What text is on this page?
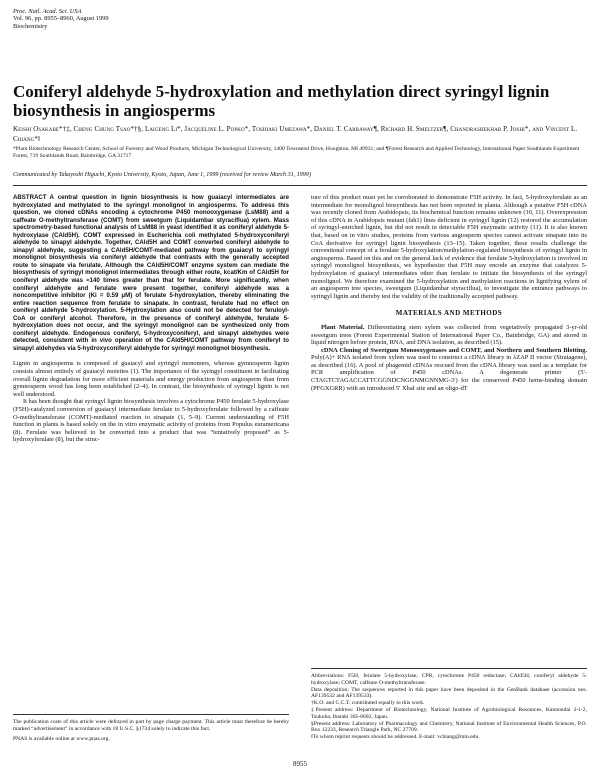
Proc. Natl. Acad. Sci. USA
Vol. 96, pp. 8955–8960, August 1999
Biochemistry
Coniferyl aldehyde 5-hydroxylation and methylation direct syringyl lignin biosynthesis in angiosperms
Keishi Osakabe*†‡, Cheng Chung Tsao*†§, Laigeng Li*, Jacqueline L. Popko*, Toshiaki Umezawa*, Daniel T. Carraway¶, Richard H. Smeltzer¶, Chandrashekhar P. Joshi*, and Vincent L. Chiang*‖
*Plant Biotechnology Research Center, School of Forestry and Wood Products, Michigan Technological University, 1400 Townsend Drive, Houghton, MI 49931; and ¶Forest Research and Applied Technology, International Paper Southlands Experiment Forest, 719 Southlands Road, Bainbridge, GA 31717
Communicated by Takayoshi Higuchi, Kyoto University, Kyoto, Japan, June 1, 1999 (received for review March 31, 1999)
ABSTRACT A central question in lignin biosynthesis is how guaiacyl intermediates are hydroxylated and methylated to the syringyl monolignol in angiosperms. To address this question, we cloned cDNAs encoding a cytochrome P450 monooxygenase (LsM88) and a caffeate O-methyltransferase (COMT) from sweetgum (Liquidambar styraciflua) xylem. Mass spectrometry-based functional analysis of LsM88 in yeast identified it as coniferyl aldehyde 5-hydroxylase (CAld5H). COMT expressed in Escherichia coli methylated 5-hydroxyconiferyl aldehyde to sinapyl aldehyde. Together, CAld5H and COMT converted coniferyl aldehyde to sinapyl aldehyde, suggesting a CAld5H/COMT-mediated pathway from guaiacyl to syringyl monolignol biosynthesis via coniferyl aldehyde that contrasts with the generally accepted route to sinapate via ferulate. Although the CAld5H/COMT enzyme system can mediate the biosynthesis of syringyl monolignol intermediates through either route, kcat/Km of CAld5H for coniferyl aldehyde was ≈140 times greater than that for ferulate. More significantly, when coniferyl aldehyde and ferulate were present together, coniferyl aldehyde was a noncompetitive inhibitor (Ki = 0.59 μM) of ferulate 5-hydroxylation, thereby eliminating the entire reaction sequence from ferulate to sinapate. In contrast, ferulate had no effect on coniferyl aldehyde 5-hydroxylation. 5-Hydroxylation also could not be detected for feruloyl-CoA or coniferyl alcohol. Therefore, in the presence of coniferyl aldehyde, ferulate 5-hydroxylation does not occur, and the syringyl monolignol can be synthesized only from coniferyl aldehyde. Endogenous coniferyl, 5-hydroxyconiferyl, and sinapyl aldehydes were detected, consistent with in vivo operation of the CAld5H/COMT pathway from coniferyl to sinapyl aldehydes via 5-hydroxyconiferyl aldehyde for syringyl monolignol biosynthesis.

Lignin in angiosperms is composed of guaiacyl and syringyl monomers, whereas gymnosperm lignin consists almost entirely of guaiacyl moieties (1). The importance of the syringyl constituent in facilitating overall lignin degradation for more efficient materials and energy production from angiosperm than from gymnosperm wood has long been established (2–4). In contrast, the biosynthesis of syringyl lignin is not well understood.

It has been thought that syringyl lignin biosynthesis involves a cytochrome P450 ferulate 5-hydroxylase (F5H)-catalyzed conversion of guaiacyl intermediate ferulate to 5-hydroxyferulate followed by a caffeate O-methyltransferase (COMT)-mediated reaction to sinapate (1, 5–9). Current understanding of F5H function in plants is based solely on the in vitro enzymatic activity of proteins from Populus euramericana (8). Ferulate was believed to be converted into a product that was “tentatively proposed” as 5-hydroxyferulate (8), but the struc-

The publication costs of this article were defrayed in part by page charge payment. This article must therefore be hereby marked “advertisement” in accordance with 18 U.S.C. §1734 solely to indicate this fact.

PNAS is available online at www.pnas.org.

ture of this product must yet be corroborated to demonstrate F5H activity. In fact, 5-hydroxyferulate as an intermediate for monolignol biosynthesis has not been reported in planta. Although a putative F5H cDNA was recently cloned from Arabidopsis, its biochemical function remains unknown (10, 11). Overexpression of this cDNA in Arabidopsis mutant (fah1) lines deficient in syringyl lignin (12) restored the accumulation of syringyl-enriched lignin, but did not result in detectable F5H enzymatic activity (11). It is also known that, based on in vitro studies, proteins from various angiosperm species cannot activate sinapate into its CoA derivative for syringyl lignin biosynthesis (13–15). Taken together, these results challenge the conventional concept of a ferulate 5-hydroxylation/methylation-regulated biosynthesis of syringyl lignin in angiosperms. Based on this and on the general lack of evidence that ferulate 5-hydroxylation is involved in syringyl monolignol biosynthesis, we hypothesize that F5H may encode an enzyme that catalyzes 5-hydroxylation of guaiacyl intermediates other than ferulate to initiate the biosynthesis of the syringyl monolignol. We therefore examined the 5-hydroxylation and methylation reactions in lignifying xylem of an angiosperm tree species, sweetgum (Liquidambar styraciflua), to investigate the entrance pathways to syringyl lignin and thereby test the validity of the traditionally accepted pathway.

MATERIALS AND METHODS

Plant Material. Differentiating stem xylem was collected from vegetatively propagated 3-yr-old sweetgum trees (Forest Experimental Station of International Paper Co., Bainbridge, GA) and stored in liquid nitrogen before protein, RNA, and DNA isolation, as described (15).

cDNA Cloning of Sweetgum Monooxygenases and COMT, and Northern and Southern Blotting. Poly(A)+ RNA isolated from xylem was used to construct a cDNA library in λZAP II vector (Stratagene), as described (16). A pool of phagemid cDNAs rescued from the cDNA library was used as a template for PCR amplification of P450 cDNAs. A degenerate primer (5′-CTAGTCTAGACCATTCGGNDCNGGNMGNNMG-3′) for the conserved P450 heme-binding domain (PFGXGRR) with an introduced 5′ XbaI site and an oligo-dT

Abbreviations: F5H, ferulate 5-hydroxylase; CPR, cytochrome P450 reductase; CAld5H, coniferyl aldehyde 5-hydroxylase; COMT, caffeate O-methyltransferase.

Data deposition: The sequences reported in this paper have been deposited in the GenBank database (accession nos. AF139532 and AF139533).

†K.O. and C.C.T. contributed equally to this work.

‡Present address: Department of Biotechnology, National Institute of Agrobiological Resources, Kannondai 2-1-2, Tsukuba, Ibaraki 305-8602, Japan.

§Present address: Laboratory of Pharmacology and Chemistry, National Institute of Environmental Health Sciences, P.O. Box 12233, Research Triangle Park, NC 27709.

‖To whom reprint requests should be addressed. E-mail: vchiang@mtu.edu.

8955
